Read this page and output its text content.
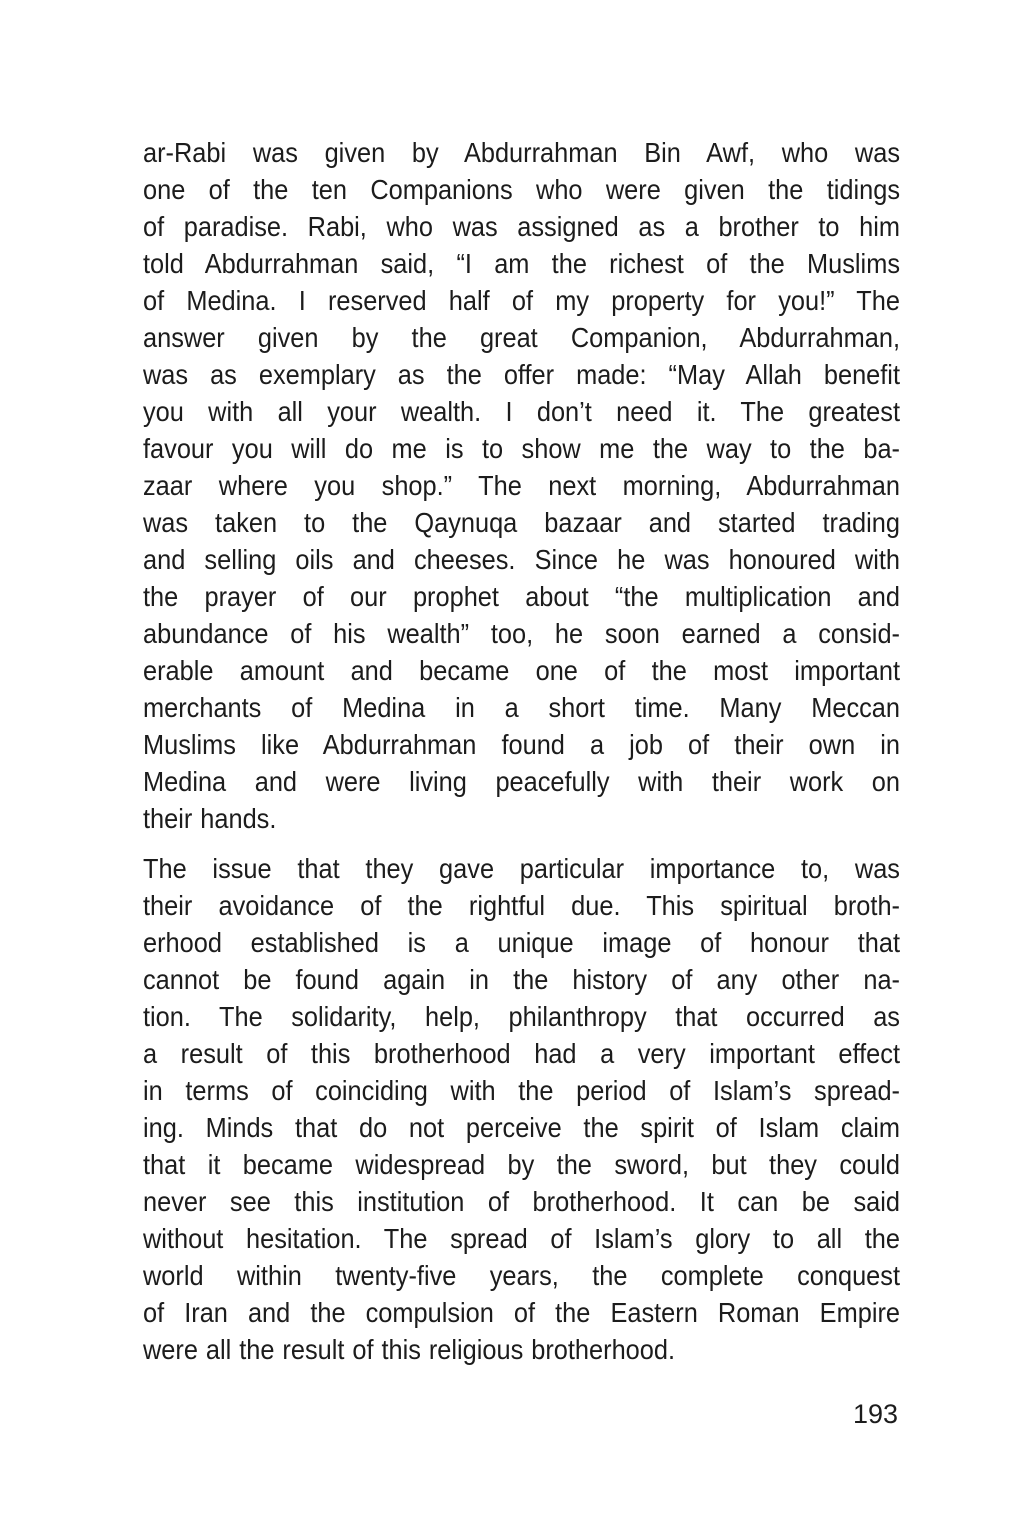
ar-Rabi was given by Abdurrahman Bin Awf, who was
one of the ten Companions who were given the tidings
of paradise. Rabi, who was assigned as a brother to him
told Abdurrahman said, “I am the richest of the Muslims
of Medina. I reserved half of my property for you!” The
answer given by the great Companion, Abdurrahman,
was as exemplary as the offer made: “May Allah benefit
you with all your wealth. I don’t need it. The greatest
favour you will do me is to show me the way to the ba-
zaar where you shop.” The next morning, Abdurrahman
was taken to the Qaynuqa bazaar and started trading
and selling oils and cheeses. Since he was honoured with
the prayer of our prophet about “the multiplication and
abundance of his wealth” too, he soon earned a consid-
erable amount and became one of the most important
merchants of Medina in a short time. Many Meccan
Muslims like Abdurrahman found a job of their own in
Medina and were living peacefully with their work on
their hands.
The issue that they gave particular importance to, was
their avoidance of the rightful due. This spiritual broth-
erhood established is a unique image of honour that
cannot be found again in the history of any other na-
tion. The solidarity, help, philanthropy that occurred as
a result of this brotherhood had a very important effect
in terms of coinciding with the period of Islam’s spread-
ing. Minds that do not perceive the spirit of Islam claim
that it became widespread by the sword, but they could
never see this institution of brotherhood. It can be said
without hesitation. The spread of Islam’s glory to all the
world within twenty-five years, the complete conquest
of Iran and the compulsion of the Eastern Roman Empire
were all the result of this religious brotherhood.
193
